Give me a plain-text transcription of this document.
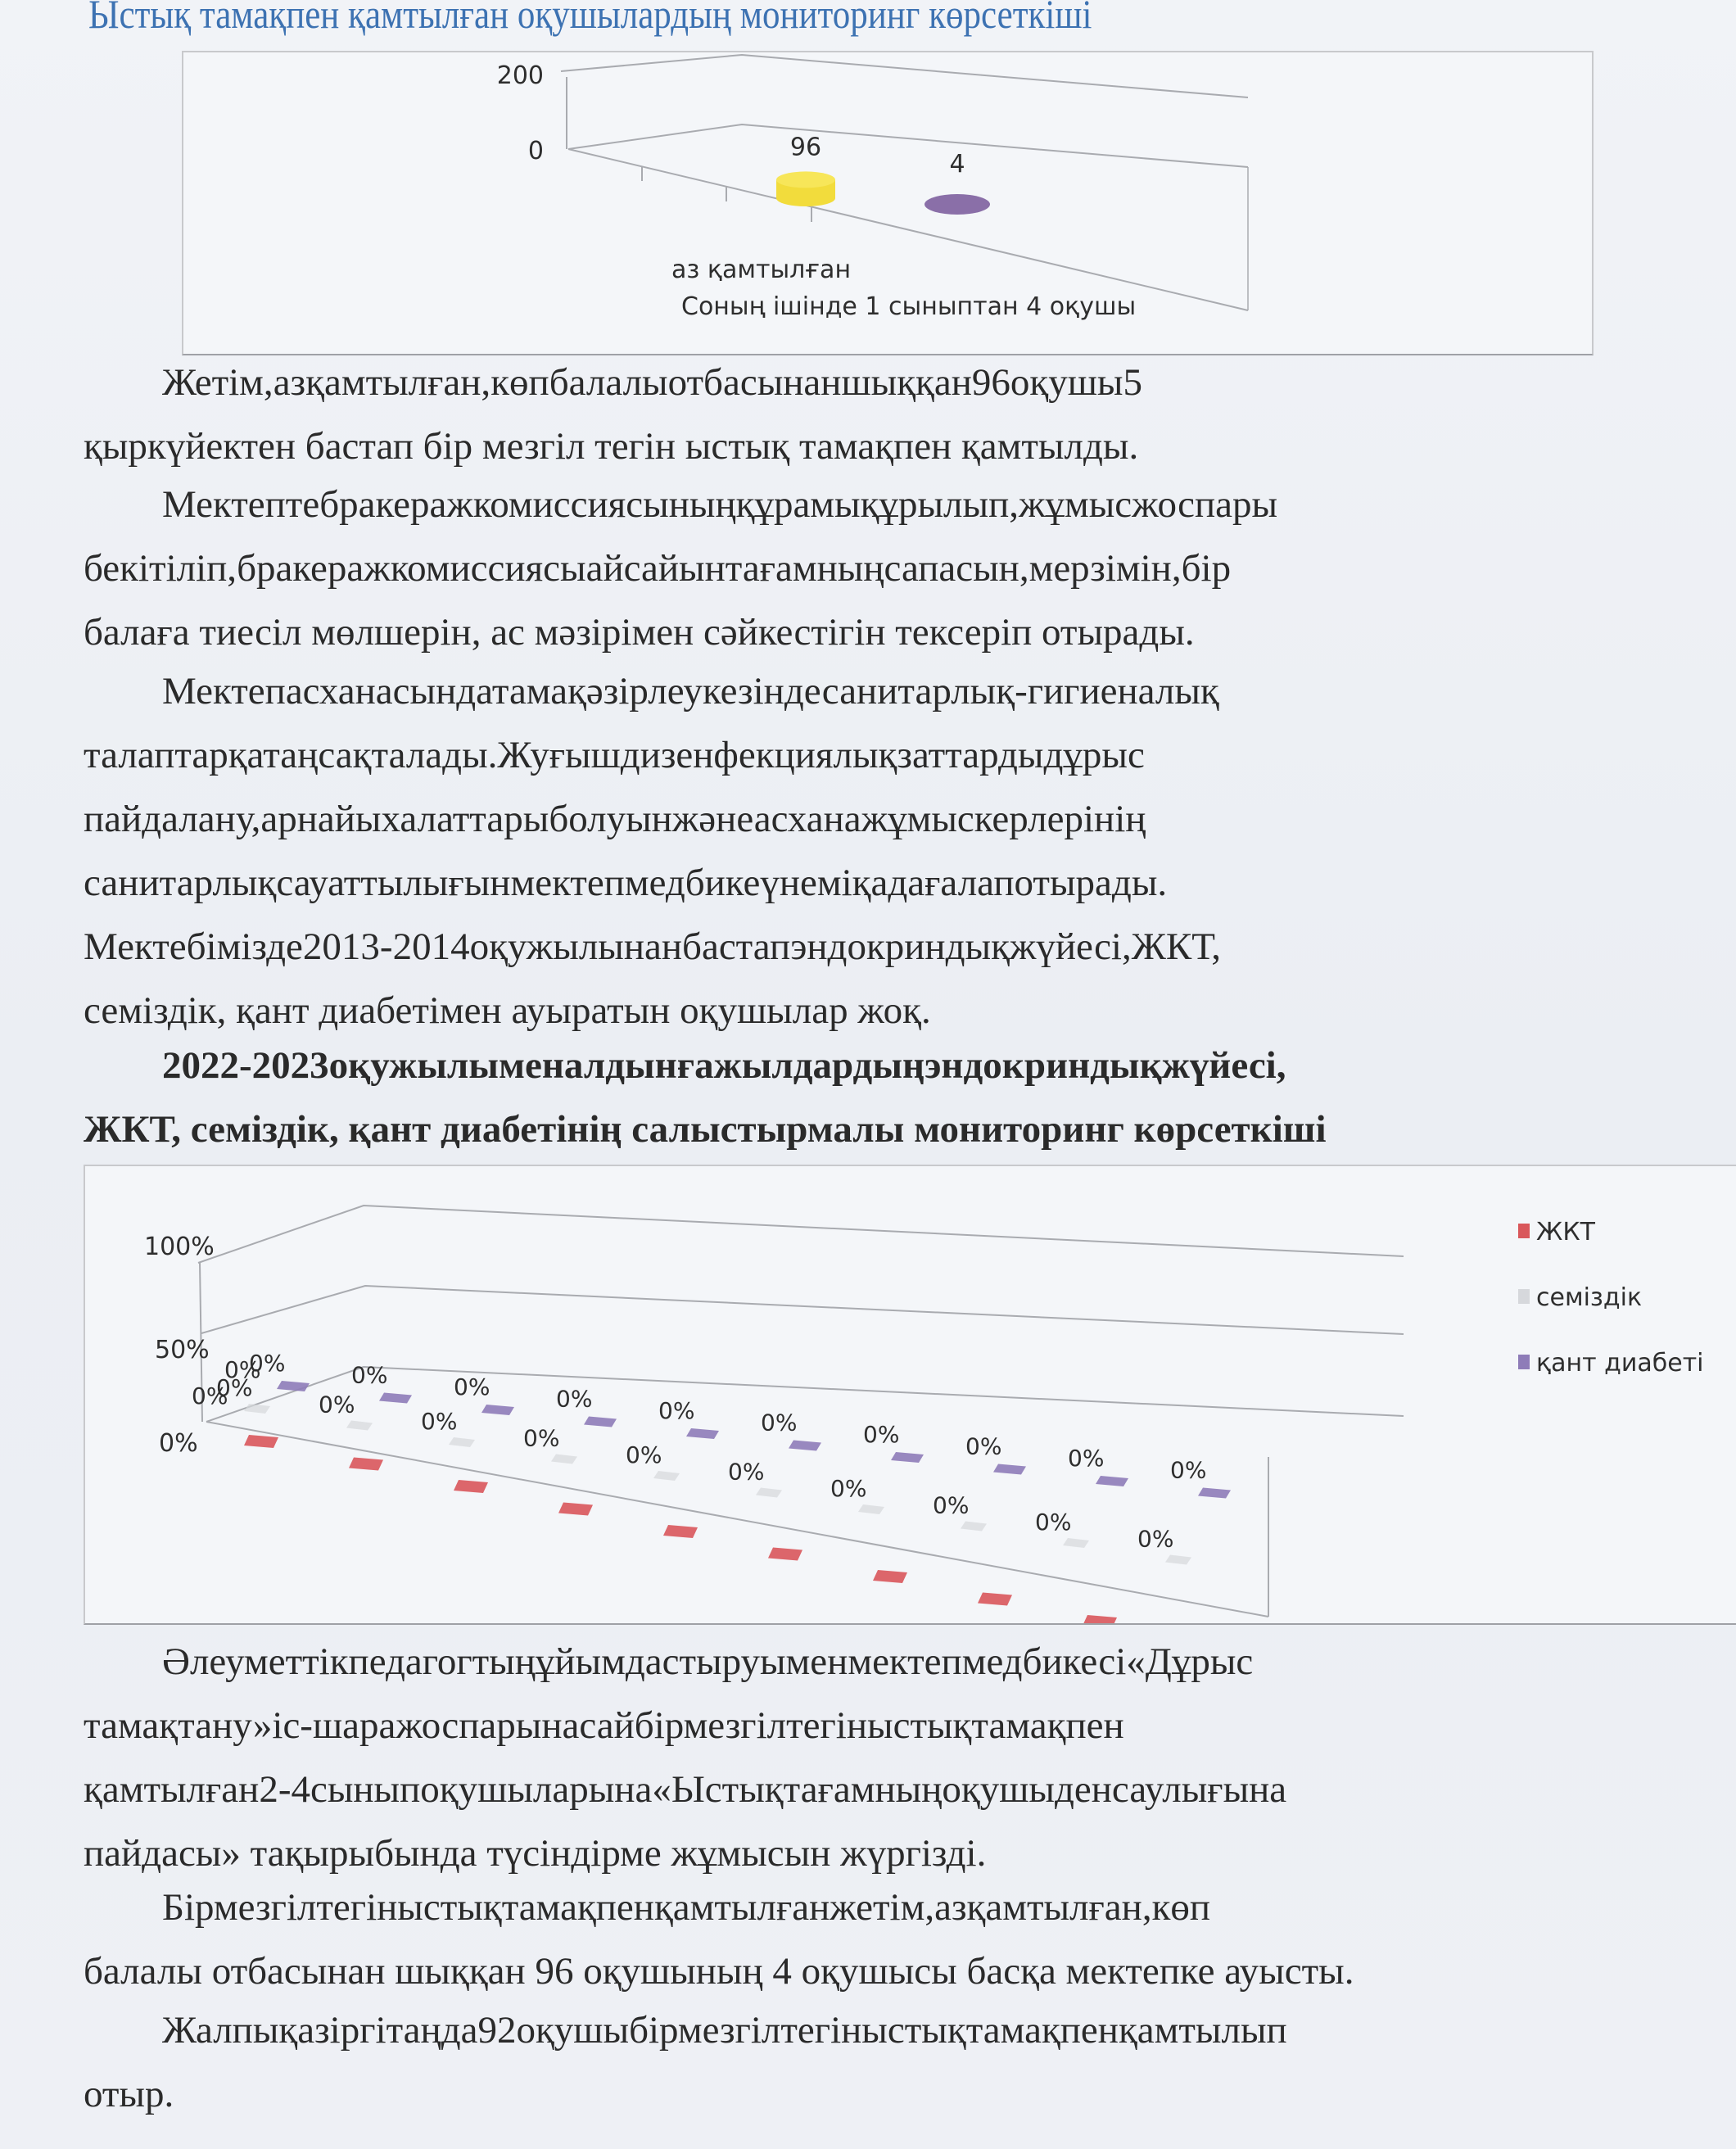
Ыстық тамақпен қамтылған оқушылардың мониторинг көрсеткіші
200
0	96
4
аз қамтылған
Соның ішінде 1 сыныптан 4 оқушы
Жетім,азқамтылған,көпбалалыотбасынаншыққан96оқушы5
қыркүйектен бастап бір мезгіл тегін ыстық тамақпен қамтылды.
Мектептебракеражкомиссиясыныңқұрамықұрылып,жұмысжоспары
бекітіліп,бракеражкомиссиясыайсайынтағамныңсапасын,мерзімін,бір
балаға тиесіл мөлшерін, ас мәзірімен сәйкестігін тексеріп отырады.
Мектепасханасындатамақәзірлеукезіндесанитарлық-гигиеналық
талаптарқатаңсақталады.Жуғышдизенфекциялықзаттардыдұрыс
пайдалану,арнайыхалаттарыболуынжәнеасханажұмыскерлерінің
санитарлықсауаттылығынмектепмедбикеүнеміқадағалапотырады.
Мектебімізде2013-2014оқужылынанбастапэндокриндықжүйесі,ЖКТ,
семіздік, қант диабетімен ауыратын оқушылар жоқ.
2022-2023оқужылыменалдынғажылдардыңэндокриндықжүйесі,
ЖКТ, семіздік, қант диабетінің салыстырмалы мониторинг көрсеткіші
100%
50%
0%
0%	0%	0%	0%	0%	0%	0%	0%	0%	0%
0%
0%
0%
0%
0%
0%
0%
0%
0%
0%
0%
0%
ЖКТ
семіздік
қант диабеті
Әлеуметтікпедагогтыңұйымдастыруыменмектепмедбикесі«Дұрыс
тамақтану»іс-шаражоспарынасайбірмезгілтегіныстықтамақпен
қамтылған2-4сыныпоқушыларына«Ыстықтағамныңоқушыденсаулығына
пайдасы» тақырыбында түсіндірме жұмысын жүргізді.
Бірмезгілтегіныстықтамақпенқамтылғанжетім,азқамтылған,көп
балалы отбасынан шыққан 96 оқушының 4 оқушысы басқа мектепке ауысты.
Жалпықазіргітаңда92оқушыбірмезгілтегіныстықтамақпенқамтылып
отыр.
